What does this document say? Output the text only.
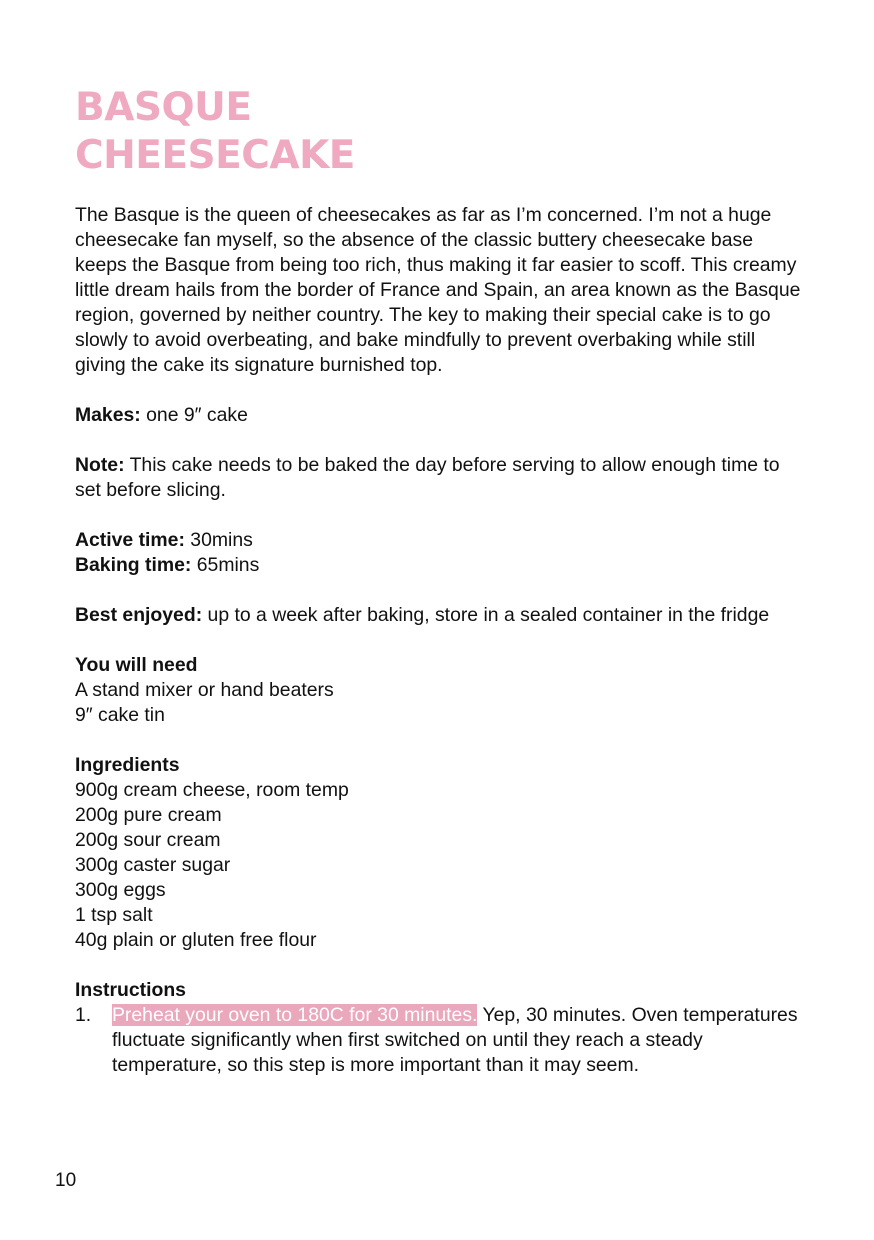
BASQUE
CHEESECAKE

The Basque is the queen of cheesecakes as far as I’m concerned. I’m not a huge cheesecake fan myself, so the absence of the classic buttery cheesecake base keeps the Basque from being too rich, thus making it far easier to scoff. This creamy little dream hails from the border of France and Spain, an area known as the Basque region, governed by neither country. The key to making their special cake is to go slowly to avoid overbeating, and bake mindfully to prevent overbaking while still giving the cake its signature burnished top.

Makes: one 9″ cake

Note: This cake needs to be baked the day before serving to allow enough time to set before slicing.

Active time: 30mins

Baking time: 65mins

Best enjoyed: up to a week after baking, store in a sealed container in the fridge

You will need

A stand mixer or hand beaters
9″ cake tin

Ingredients

900g cream cheese, room temp
200g pure cream
200g sour cream
300g caster sugar
300g eggs
1 tsp salt
40g plain or gluten free flour

Instructions

1. Preheat your oven to 180C for 30 minutes. Yep, 30 minutes. Oven temperatures fluctuate significantly when first switched on until they reach a steady temperature, so this step is more important than it may seem.
10
